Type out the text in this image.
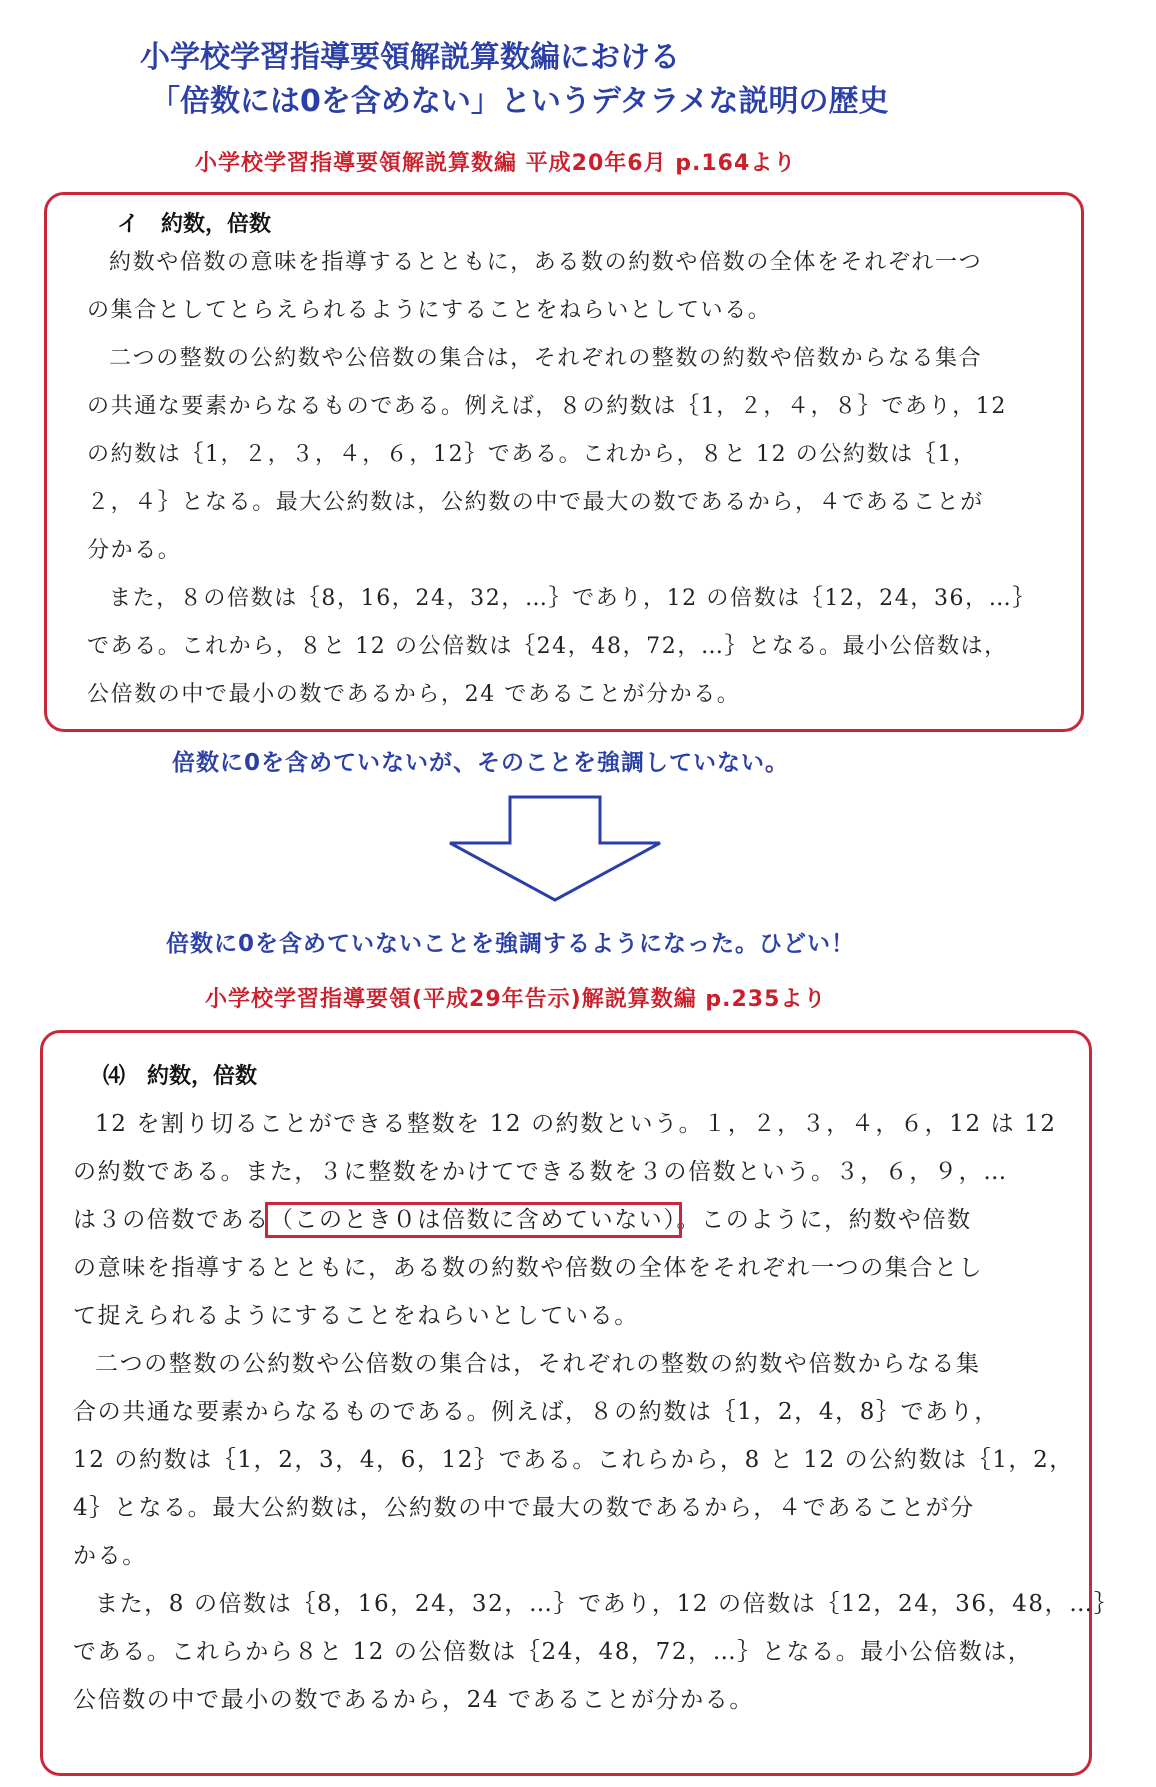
小学校学習指導要領解説算数編における
「倍数には0を含めない」というデタラメな説明の歴史
小学校学習指導要領解説算数編 平成20年6月 p.164より
イ　約数，倍数
約数や倍数の意味を指導するとともに，ある数の約数や倍数の全体をそれぞれ一つ
の集合としてとらえられるようにすることをねらいとしている。
二つの整数の公約数や公倍数の集合は，それぞれの整数の約数や倍数からなる集合
の共通な要素からなるものである。例えば，８の約数は｛1，２，４，８｝であり，12
の約数は｛1，２，３，４，６，12｝である。これから，８と 12 の公約数は｛1，
２，４｝となる。最大公約数は，公約数の中で最大の数であるから，４であることが
分かる。
また，８の倍数は｛8，16，24，32，…｝であり，12 の倍数は｛12，24，36，…｝
である。これから，８と 12 の公倍数は｛24，48，72，…｝となる。最小公倍数は，
公倍数の中で最小の数であるから，24 であることが分かる。
倍数に0を含めていないが、そのことを強調していない。
倍数に0を含めていないことを強調するようになった。ひどい！
小学校学習指導要領(平成29年告示)解説算数編 p.235より
⑷　約数，倍数
12 を割り切ることができる整数を 12 の約数という。１，２，３，４，６，12 は 12
の約数である。また，３に整数をかけてできる数を３の倍数という。３，６，９，…
は３の倍数である（このとき０は倍数に含めていない）。このように，約数や倍数
の意味を指導するとともに，ある数の約数や倍数の全体をそれぞれ一つの集合とし
て捉えられるようにすることをねらいとしている。
二つの整数の公約数や公倍数の集合は，それぞれの整数の約数や倍数からなる集
合の共通な要素からなるものである。例えば，８の約数は｛1，2，4，8｝であり，
12 の約数は｛1，2，3，4，6，12｝である。これらから，8 と 12 の公約数は｛1，2，
4｝となる。最大公約数は，公約数の中で最大の数であるから，４であることが分
かる。
また，8 の倍数は｛8，16，24，32，…｝であり，12 の倍数は｛12，24，36，48，…｝
である。これらから８と 12 の公倍数は｛24，48，72，…｝となる。最小公倍数は，
公倍数の中で最小の数であるから，24 であることが分かる。
